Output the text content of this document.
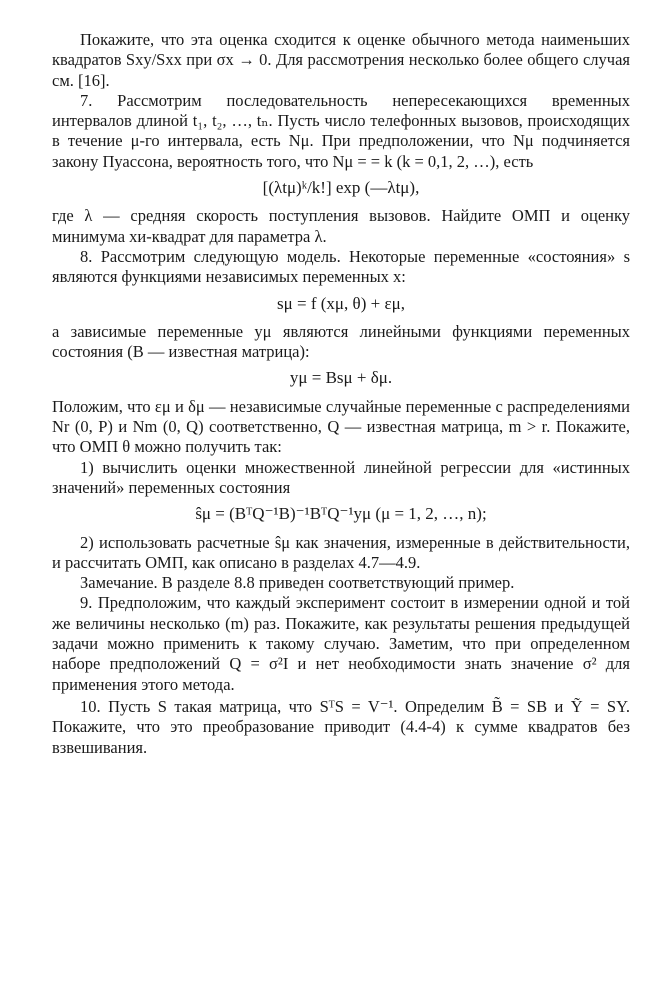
Покажите, что эта оценка сходится к оценке обычного метода наименьших квадратов Sxy/Sxx при σx → 0. Для рассмотрения несколько более общего случая см. [16].

7. Рассмотрим последовательность непересекающихся временных интервалов длиной t₁, t₂, …, tₙ. Пусть число телефонных вызовов, происходящих в течение μ-го интервала, есть Nμ. При предположении, что Nμ подчиняется закону Пуассона, вероятность того, что Nμ = = k (k = 0,1, 2, …), есть

[(λtμ)ᵏ/k!] exp (—λtμ),

где λ — средняя скорость поступления вызовов. Найдите ОМП и оценку минимума хи-квадрат для параметра λ.

8. Рассмотрим следующую модель. Некоторые переменные «состояния» s являются функциями независимых переменных x:

sμ = f (xμ, θ) + εμ,

а зависимые переменные yμ являются линейными функциями переменных состояния (B — известная матрица):

yμ = Bsμ + δμ.

Положим, что εμ и δμ — независимые случайные переменные с распределениями Nr (0, P) и Nm (0, Q) соответственно, Q — известная матрица, m > r. Покажите, что ОМП θ можно получить так:

1) вычислить оценки множественной линейной регрессии для «истинных значений» переменных состояния

ŝμ = (BᵀQ⁻¹B)⁻¹BᵀQ⁻¹yμ (μ = 1, 2, …, n);

2) использовать расчетные ŝμ как значения, измеренные в действительности, и рассчитать ОМП, как описано в разделах 4.7—4.9.

Замечание. В разделе 8.8 приведен соответствующий пример.

9. Предположим, что каждый эксперимент состоит в измерении одной и той же величины несколько (m) раз. Покажите, как результаты решения предыдущей задачи можно применить к такому случаю. Заметим, что при определенном наборе предположений Q = σ²I и нет необходимости знать значение σ² для применения этого метода.

10. Пусть S такая матрица, что SᵀS = V⁻¹. Определим B̃ = SB и Ỹ = SY. Покажите, что это преобразование приводит (4.4-4) к сумме квадратов без взвешивания.
